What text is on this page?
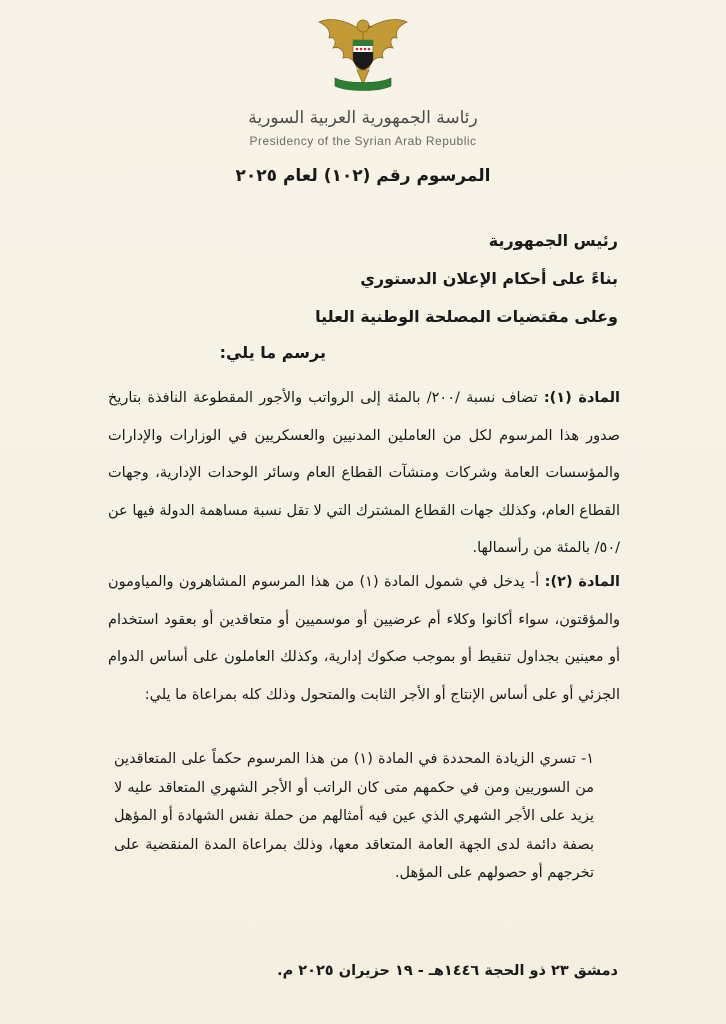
رئاسة الجمهورية العربية السورية
Presidency of the Syrian Arab Republic
المرسوم رقم (١٠٢) لعام ٢٠٢٥
رئيس الجمهورية
بناءً على أحكام الإعلان الدستوري
وعلى مقتضيات المصلحة الوطنية العليا
يرسم ما يلي:
المادة (١): تضاف نسبة /٢٠٠/ بالمئة إلى الرواتب والأجور المقطوعة النافذة بتاريخ صدور هذا المرسوم لكل من العاملين المدنيين والعسكريين في الوزارات والإدارات والمؤسسات العامة وشركات ومنشآت القطاع العام وسائر الوحدات الإدارية، وجهات القطاع العام، وكذلك جهات القطاع المشترك التي لا تقل نسبة مساهمة الدولة فيها عن /٥٠/ بالمئة من رأسمالها.
المادة (٢): أ- يدخل في شمول المادة (١) من هذا المرسوم المشاهرون والمياومون والمؤقتون، سواء أكانوا وكلاء أم عرضيين أو موسميين أو متعاقدين أو بعقود استخدام أو معينين بجداول تنقيط أو بموجب صكوك إدارية، وكذلك العاملون على أساس الدوام الجزئي أو على أساس الإنتاج أو الأجر الثابت والمتحول وذلك كله بمراعاة ما يلي:
١- تسري الزيادة المحددة في المادة (١) من هذا المرسوم حكماً على المتعاقدين من السوريين ومن في حكمهم متى كان الراتب أو الأجر الشهري المتعاقد عليه لا يزيد على الأجر الشهري الذي عين فيه أمثالهم من حملة نفس الشهادة أو المؤهل بصفة دائمة لدى الجهة العامة المتعاقد معها، وذلك بمراعاة المدة المنقضية على تخرجهم أو حصولهم على المؤهل.
دمشق ٢٣ ذو الحجة ١٤٤٦هـ - ١٩ حزيران ٢٠٢٥ م.
